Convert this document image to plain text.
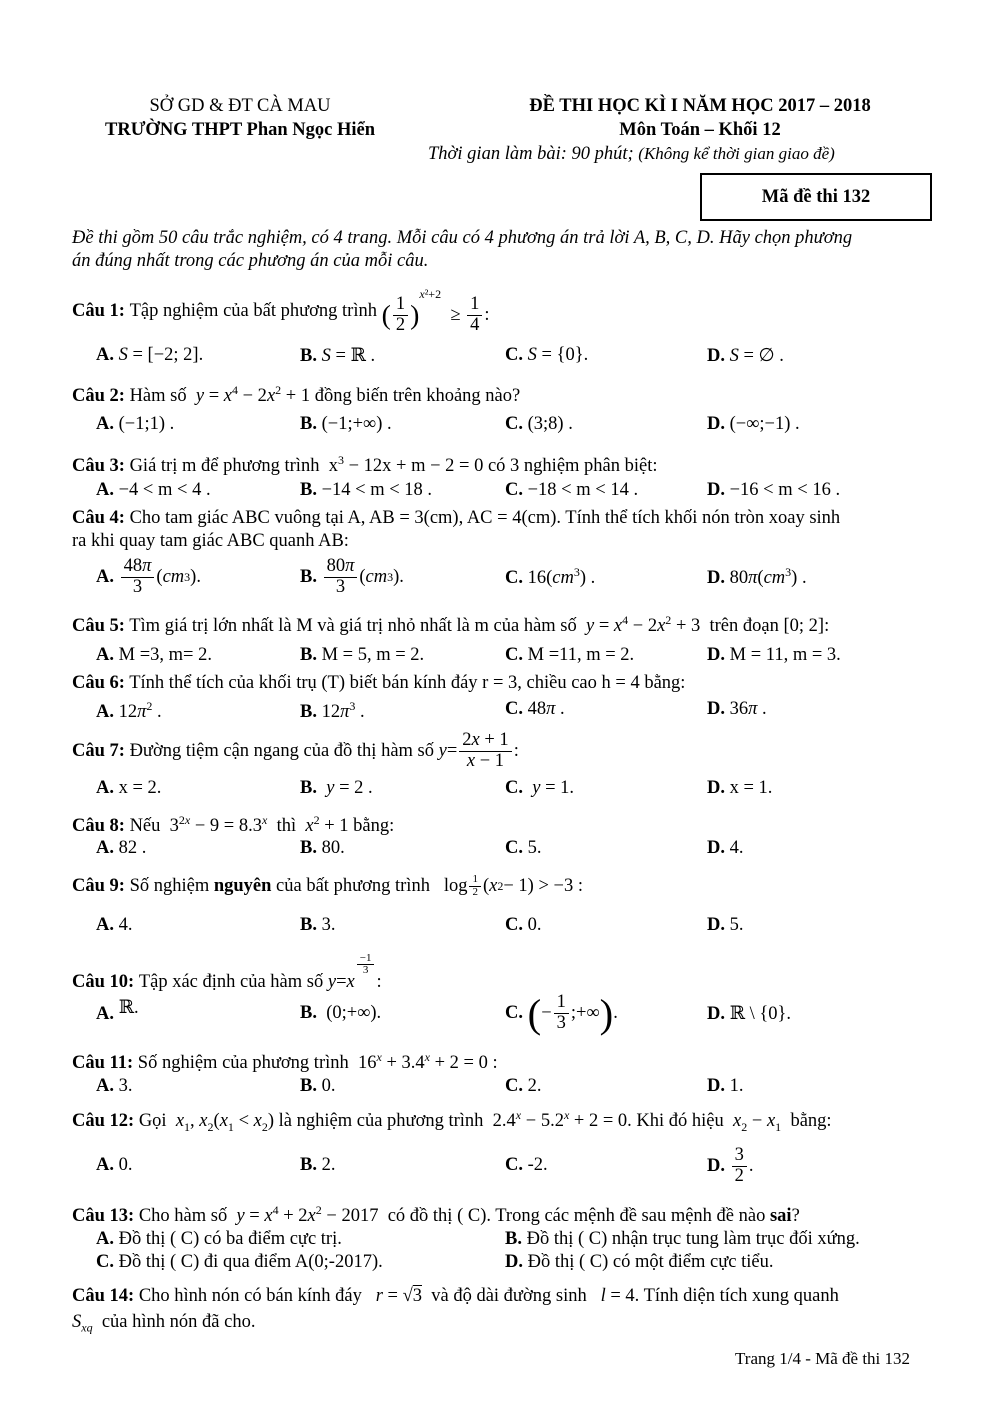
SỞ GD & ĐT CÀ MAU
TRƯỜNG THPT Phan Ngọc Hiển
ĐỀ THI HỌC KÌ I NĂM HỌC 2017 – 2018
Môn Toán – Khối 12
Thời gian làm bài: 90 phút; (Không kể thời gian giao đề)
Mã đề thi 132
Đề thi gồm 50 câu trắc nghiệm, có 4 trang. Mỗi câu có 4 phương án trả lời A, B, C, D. Hãy chọn phương
án đúng nhất trong các phương án của mỗi câu.
Câu 1:
Tập nghiệm của bất phương trình
( $\frac{1}{2} )^{x^2+2} \ge \frac{1}{4}$ :
A. S = [−2; 2].	B. S = ℝ .	C. S = {0}.	D. S = ∅ .
Câu 2: Hàm số $y = x^4 - 2x^2 + 1$ đồng biến trên khoảng nào?
A. (−1;1) .	B. (−1;+∞) .	C. (3;8) .	D. (−∞;−1) .
Câu 3: Giá trị m để phương trình  $x^3 - 12x + m - 2 = 0$ có 3 nghiệm phân biệt:
A. −4 < m < 4 .	B. −14 < m < 18 .	C. −18 < m < 14 .	D. −16 < m < 16 .
Câu 4: Cho tam giác ABC vuông tại A, AB = 3(cm), AC = 4(cm). Tính thể tích khối nón tròn xoay sinh
ra khi quay tam giác ABC quanh AB:
A.
$\frac{48\pi}{3}$ ( cm 3 ).	B.
$\frac{80\pi}{3}$ ( cm 3 ).	C. $16(cm^3)$ .	D. $80\pi(cm^3)$ .
Câu 5: Tìm giá trị lớn nhất là M và giá trị nhỏ nhất là m của hàm số $y = x^4 - 2x^2 + 3$  trên đoạn [0; 2]:
A. M =3, m= 2.	B. M = 5, m = 2.	C. M =11, m = 2.	D. M = 11, m = 3.
Câu 6: Tính thể tích của khối trụ (T) biết bán kính đáy r = 3, chiều cao h = 4 bằng:
A. $12\pi^2$ .	B. $12\pi^3$ .	C. 48π .	D. 36π .
Câu 7:
Đường tiệm cận ngang của đồ thị hàm số
$y = \frac{2x + 1}{x - 1}$ :
A. x = 2.	B. y = 2 .	C. y = 1.	D. x = 1.
Câu 8: Nếu  $3^{2x} - 9 = 8.3^x$ thì $x^2 + 1$ bằng:
A. 82 .	B. 80.	C. 5.	D. 4.
Câu 9:
Số nghiệm
nguyên
của bất phương trình $\log \frac{1}{2}$ ( x 2 − 1) > −3 :
A. 4.	B. 3.	C. 0.	D. 5.
Câu 10:
Tập xác định của hàm số
y = x
$\frac{-1}{3}$
:
A. ℝ.	B.  (0;+∞).	C.
( − $\frac{1}{3}$ ;+∞ ) .	D. ℝ \ {0}.
Câu 11: Số nghiệm của phương trình  $16^x + 3.4^x + 2 = 0$ :
A. 3.	B. 0.	C. 2.	D. 1.
Câu 12: Gọi $x_1$, $x_2(x_1 < x_2)$ là nghiệm của phương trình  $2.4^x - 5.2^x + 2 = 0$. Khi đó hiệu $x_2 - x_1$ bằng:
A. 0.	B. 2.	C. -2.	D.
$\frac{3}{2}$ .
Câu 13: Cho hàm số $y = x^4 + 2x^2 - 2017$  có đồ thị ( C). Trong các mệnh đề sau mệnh đề nào sai?
A. Đồ thị ( C) có ba điểm cực trị.	B. Đồ thị ( C) nhận trục tung làm trục đối xứng.
C. Đồ thị ( C) đi qua điểm A(0;-2017).	D. Đồ thị ( C) có một điểm cực tiểu.
Câu 14: Cho hình nón có bán kính đáy r = √3 và độ dài đường sinh l = 4. Tính diện tích xung quanh
$S_{xq}$ của hình nón đã cho.
Trang 1/4 - Mã đề thi 132
